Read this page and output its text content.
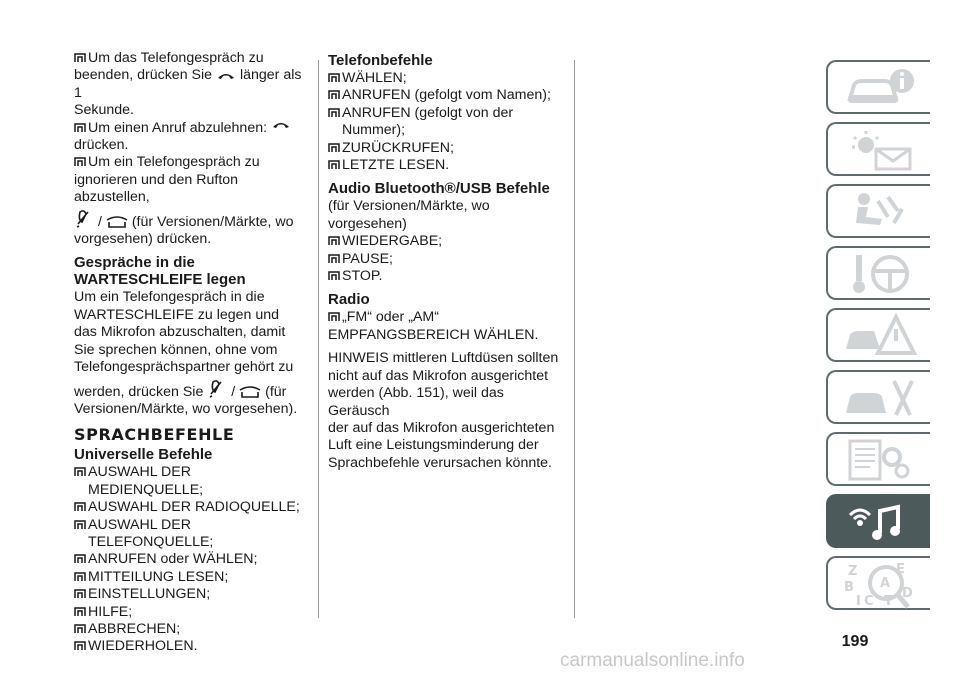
Um das Telefongespräch zu

beenden, drücken Sie länger als 1

Sekunde.

Um einen Anruf abzulehnen:

drücken.

Um ein Telefongespräch zu

ignorieren und den Rufton abzustellen,

/ (für Versionen/Märkte, wo

vorgesehen) drücken.

Gespräche in die WARTESCHLEIFE legen

Um ein Telefongespräch in die

WARTESCHLEIFE zu legen und

das Mikrofon abzuschalten, damit

Sie sprechen können, ohne vom

Telefongesprächspartner gehört zu

werden, drücken Sie / (für

Versionen/Märkte, wo vorgesehen).

SPRACHBEFEHLE

Universelle Befehle

AUSWAHL DER MEDIENQUELLE;

AUSWAHL DER RADIOQUELLE;

AUSWAHL DER TELEFONQUELLE;

ANRUFEN oder WÄHLEN;

MITTEILUNG LESEN;

EINSTELLUNGEN;

HILFE;

ABBRECHEN;

WIEDERHOLEN.

Telefonbefehle

WÄHLEN;

ANRUFEN (gefolgt vom Namen);

ANRUFEN (gefolgt von der Nummer);

ZURÜCKRUFEN;

LETZTE LESEN.

Audio Bluetooth®/USB Befehle

(für Versionen/Märkte, wo vorgesehen)

WIEDERGABE;

PAUSE;

STOP.

Radio

„FM“ oder „AM“

EMPFANGSBEREICH WÄHLEN.

HINWEIS mittleren Luftdüsen sollten

nicht auf das Mikrofon ausgerichtet

werden (Abb. 151), weil das Geräusch

der auf das Mikrofon ausgerichteten

Luft eine Leistungsminderung der

Sprachbefehle verursachen könnte.

Z	E
B A
D
I C T
199
carmanualsonline.info
